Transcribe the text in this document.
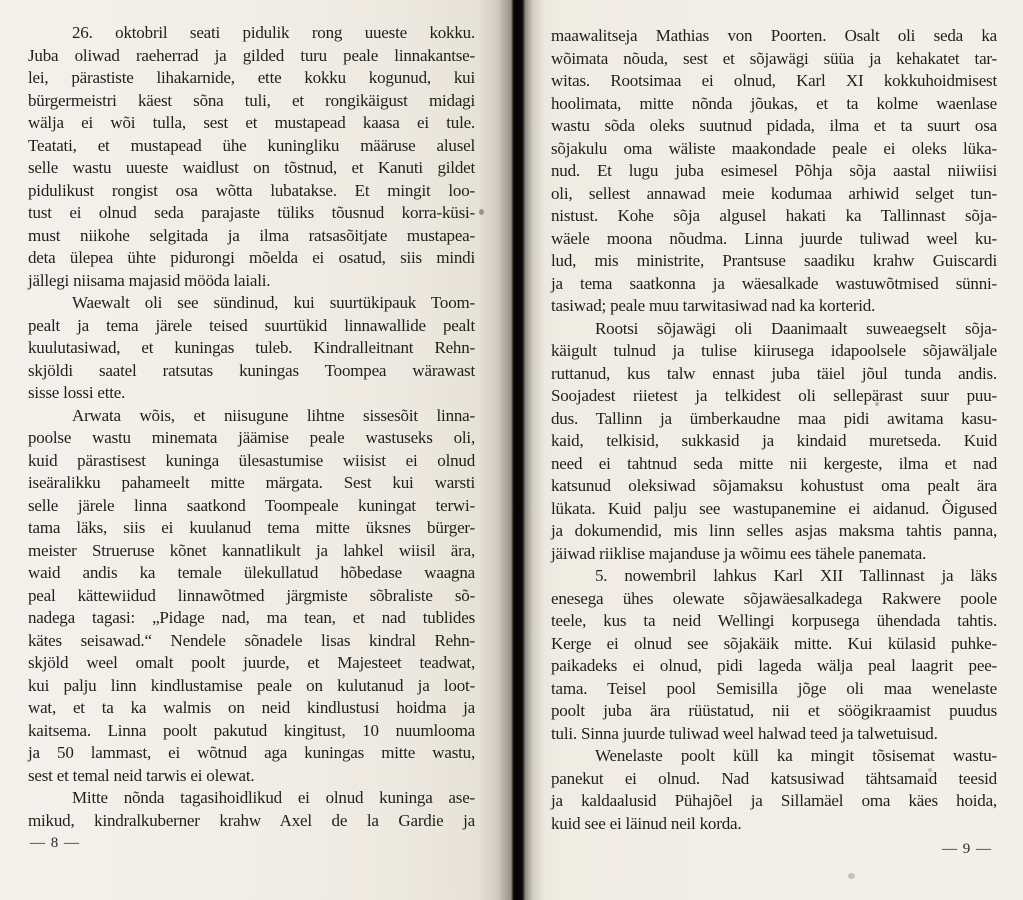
26. oktobril seati pidulik rong uueste kokku.
Juba oliwad raeherrad ja gilded turu peale linnakantse-
lei, pärastiste lihakarnide, ette kokku kogunud, kui
bürgermeistri käest sõna tuli, et rongikäigust midagi
wälja ei wõi tulla, sest et mustapead kaasa ei tule.
Teatati, et mustapead ühe kuningliku määruse alusel
selle wastu uueste waidlust on tõstnud, et Kanuti gildet
pidulikust rongist osa wõtta lubatakse. Et mingit loo-
tust ei olnud seda parajaste tüliks tõusnud korra-küsi-
must niikohe selgitada ja ilma ratsasõitjate mustapea-
deta ülepea ühte pidurongi mõelda ei osatud, siis mindi
jällegi niisama majasid mööda laiali.

Waewalt oli see sündinud, kui suurtükipauk Toom-
pealt ja tema järele teised suurtükid linnawallide pealt
kuulutasiwad, et kuningas tuleb. Kindralleitnant Rehn-
skjöldi saatel ratsutas kuningas Toompea wärawast
sisse lossi ette.

Arwata wõis, et niisugune lihtne sissesõit linna-
poolse wastu minemata jäämise peale wastuseks oli,
kuid pärastisest kuninga ülesastumise wiisist ei olnud
iseäralikku pahameelt mitte märgata. Sest kui warsti
selle järele linna saatkond Toompeale kuningat terwi-
tama läks, siis ei kuulanud tema mitte üksnes bürger-
meister Strueruse kõnet kannatlikult ja lahkel wiisil ära,
waid andis ka temale ülekullatud hõbedase waagna
peal kättewiidud linnawõtmed järgmiste sõbraliste sõ-
nadega tagasi: „Pidage nad, ma tean, et nad tublides
kätes seisawad.“ Nendele sõnadele lisas kindral Rehn-
skjöld weel omalt poolt juurde, et Majesteet teadwat,
kui palju linn kindlustamise peale on kulutanud ja loot-
wat, et ta ka walmis on neid kindlustusi hoidma ja
kaitsema. Linna poolt pakutud kingitust, 10 nuumlooma
ja 50 lammast, ei wõtnud aga kuningas mitte wastu,
sest et temal neid tarwis ei olewat.

Mitte nõnda tagasihoidlikud ei olnud kuninga ase-
mikud, kindralkuberner krahw Axel de la Gardie ja

maawalitseja Mathias von Poorten. Osalt oli seda ka
wõimata nõuda, sest et sõjawägi süüa ja kehakatet tar-
witas. Rootsimaa ei olnud, Karl XI kokkuhoidmisest
hoolimata, mitte nõnda jõukas, et ta kolme waenlase
wastu sõda oleks suutnud pidada, ilma et ta suurt osa
sõjakulu oma wäliste maakondade peale ei oleks lüka-
nud. Et lugu juba esimesel Põhja sõja aastal niiwiisi
oli, sellest annawad meie kodumaa arhiwid selget tun-
nistust. Kohe sõja algusel hakati ka Tallinnast sõja-
wäele moona nõudma. Linna juurde tuliwad weel ku-
lud, mis ministrite, Prantsuse saadiku krahw Guiscardi
ja tema saatkonna ja wäesalkade wastuwõtmised sünni-
tasiwad; peale muu tarwitasiwad nad ka korterid.

Rootsi sõjawägi oli Daanimaalt suweaegselt sõja-
käigult tulnud ja tulise kiirusega idapoolsele sõjawäljale
ruttanud, kus talw ennast juba täiel jõul tunda andis.
Soojadest riietest ja telkidest oli sellepärast suur puu-
dus. Tallinn ja ümberkaudne maa pidi awitama kasu-
kaid, telkisid, sukkasid ja kindaid muretseda. Kuid
need ei tahtnud seda mitte nii kergeste, ilma et nad
katsunud oleksiwad sõjamaksu kohustust oma pealt ära
lükata. Kuid palju see wastupanemine ei aidanud. Õigused
ja dokumendid, mis linn selles asjas maksma tahtis panna,
jäiwad riiklise majanduse ja wõimu ees tähele panemata.

5. nowembril lahkus Karl XII Tallinnast ja läks
enesega ühes olewate sõjawäesalkadega Rakwere poole
teele, kus ta neid Wellingi korpusega ühendada tahtis.
Kerge ei olnud see sõjakäik mitte. Kui külasid puhke-
paikadeks ei olnud, pidi lageda wälja peal laagrit pee-
tama. Teisel pool Semisilla jõge oli maa wenelaste
poolt juba ära rüüstatud, nii et söögikraamist puudus
tuli. Sinna juurde tuliwad weel halwad teed ja talwetuisud.

Wenelaste poolt küll ka mingit tõsisemat wastu-
panekut ei olnud. Nad katsusiwad tähtsamaid teesid
ja kaldaalusid Pühajõel ja Sillamäel oma käes hoida,
kuid see ei läinud neil korda.

— 8 —	— 9 —
